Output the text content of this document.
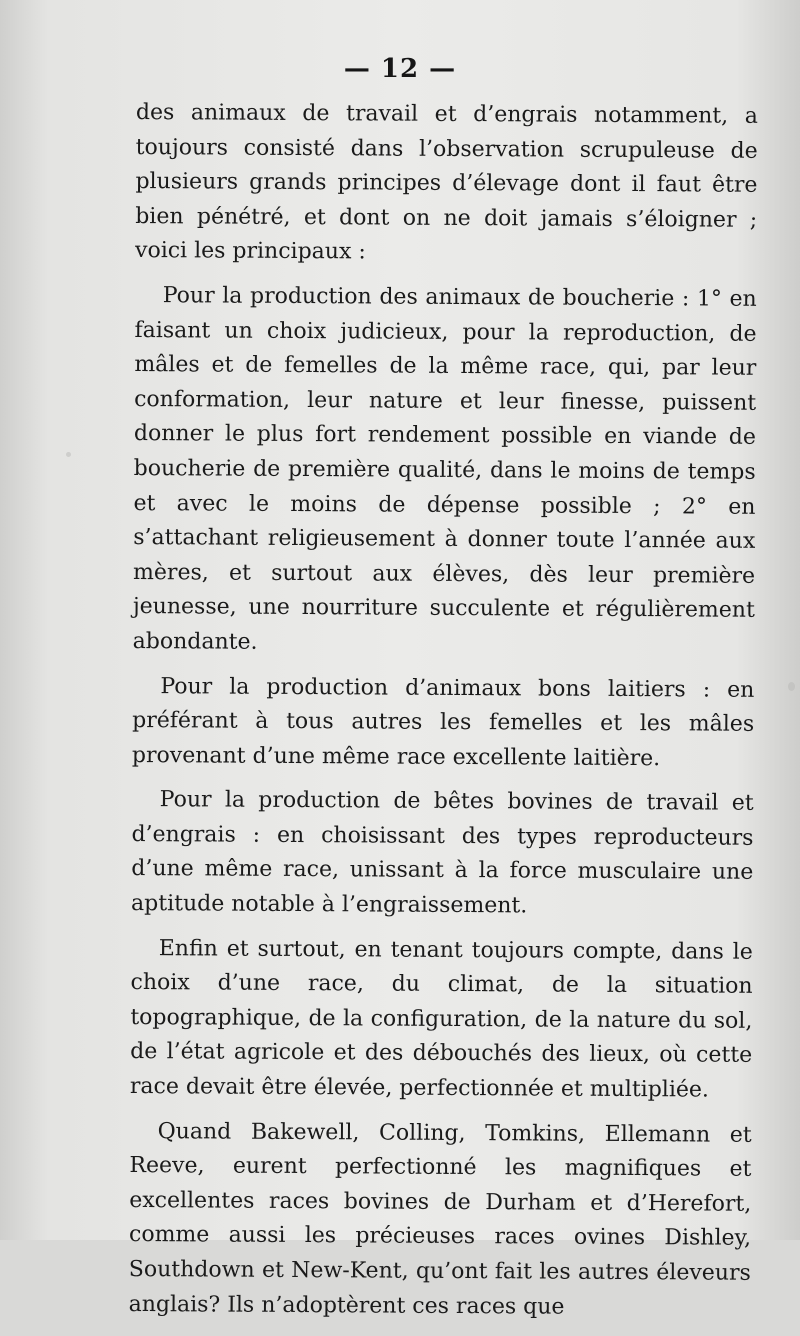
— 12 —

des animaux de travail et d’engrais notamment, a toujours consisté dans l’observation scrupuleuse de plusieurs grands principes d’élevage dont il faut être bien pénétré, et dont on ne doit jamais s’éloigner ; voici les principaux :

Pour la production des animaux de boucherie : 1° en faisant un choix judicieux, pour la reproduction, de mâles et de femelles de la même race, qui, par leur conformation, leur nature et leur finesse, puissent donner le plus fort rendement possible en viande de boucherie de première qualité, dans le moins de temps et avec le moins de dépense possible ; 2° en s’attachant religieusement à donner toute l’année aux mères, et surtout aux élèves, dès leur première jeunesse, une nourriture succulente et régulièrement abondante.

Pour la production d’animaux bons laitiers : en préférant à tous autres les femelles et les mâles provenant d’une même race excellente laitière.

Pour la production de bêtes bovines de travail et d’engrais : en choisissant des types reproducteurs d’une même race, unissant à la force musculaire une aptitude notable à l’engraissement.

Enfin et surtout, en tenant toujours compte, dans le choix d’une race, du climat, de la situation topographique, de la configuration, de la nature du sol, de l’état agricole et des débouchés des lieux, où cette race devait être élevée, perfectionnée et multipliée.

Quand Bakewell, Colling, Tomkins, Ellemann et Reeve, eurent perfectionné les magnifiques et excellentes races bovines de Durham et d’Herefort, comme aussi les précieuses races ovines Dishley, Southdown et New-Kent, qu’ont fait les autres éleveurs anglais? Ils n’adoptèrent ces races que
